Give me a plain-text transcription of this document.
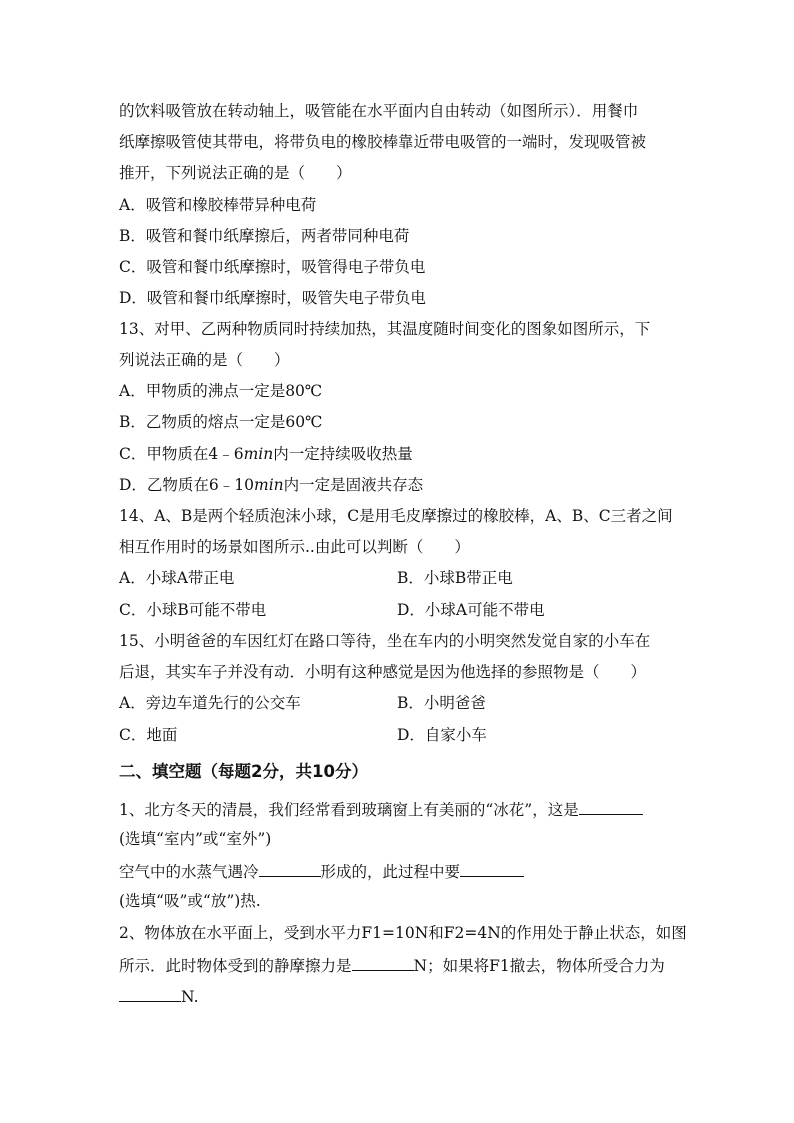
的饮料吸管放在转动轴上，吸管能在水平面内自由转动（如图所示）．用餐巾
纸摩擦吸管使其带电，将带负电的橡胶棒靠近带电吸管的一端时，发现吸管被
推开，下列说法正确的是（　　）
A．吸管和橡胶棒带异种电荷
B．吸管和餐巾纸摩擦后，两者带同种电荷
C．吸管和餐巾纸摩擦时，吸管得电子带负电
D．吸管和餐巾纸摩擦时，吸管失电子带负电
13、对甲、乙两种物质同时持续加热，其温度随时间变化的图象如图所示，下
列说法正确的是（　　）
A．甲物质的沸点一定是80℃
B．乙物质的熔点一定是60℃
C．甲物质在4﹣6min内一定持续吸收热量
D．乙物质在6﹣10min内一定是固液共存态
14、A、B是两个轻质泡沫小球，C是用毛皮摩擦过的橡胶棒，A、B、C三者之间
相互作用时的场景如图所示..由此可以判断（　　）
A．小球A带正电	B．小球B带正电
C．小球B可能不带电	D．小球A可能不带电
15、小明爸爸的车因红灯在路口等待，坐在车内的小明突然发觉自家的小车在
后退，其实车子并没有动．小明有这种感觉是因为他选择的参照物是（　　）
A．旁边车道先行的公交车	B．小明爸爸
C．地面	D．自家小车
二、填空题（每题2分，共10分）
1、北方冬天的清晨，我们经常看到玻璃窗上有美丽的“冰花”，这是
(选填“室内”或“室外”)
空气中的水蒸气遇冷	形成的，此过程中要
(选填“吸”或“放”)热.
2、物体放在水平面上，受到水平力F1=10N和F2=4N的作用处于静止状态，如图
所示．此时物体受到的静摩擦力是	N；如果将F1撤去，物体所受合力为
N.
